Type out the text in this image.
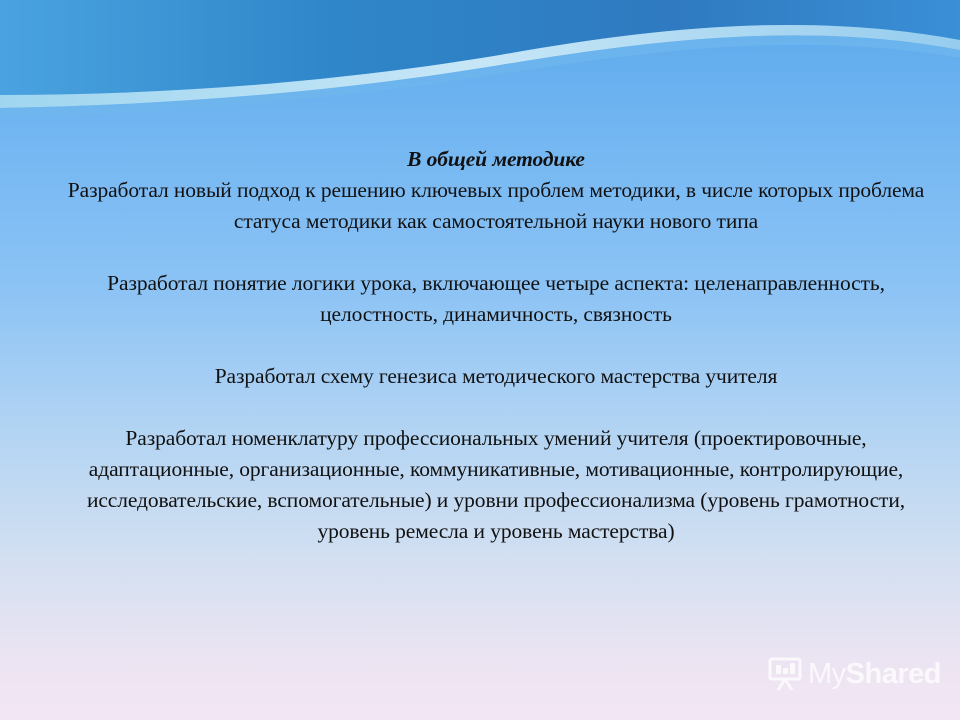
В общей методике

Разработал новый подход к решению ключевых проблем методики, в числе которых проблема статуса методики как самостоятельной науки нового типа

Разработал понятие логики урока, включающее четыре аспекта: целенаправленность, целостность, динамичность, связность

Разработал схему генезиса методического мастерства учителя

Разработал номенклатуру профессиональных умений учителя (проектировочные, адаптационные, организационные, коммуникативные, мотивационные, контролирующие, исследовательские, вспомогательные) и уровни профессионализма (уровень грамотности, уровень ремесла и уровень мастерства)

MyShared
